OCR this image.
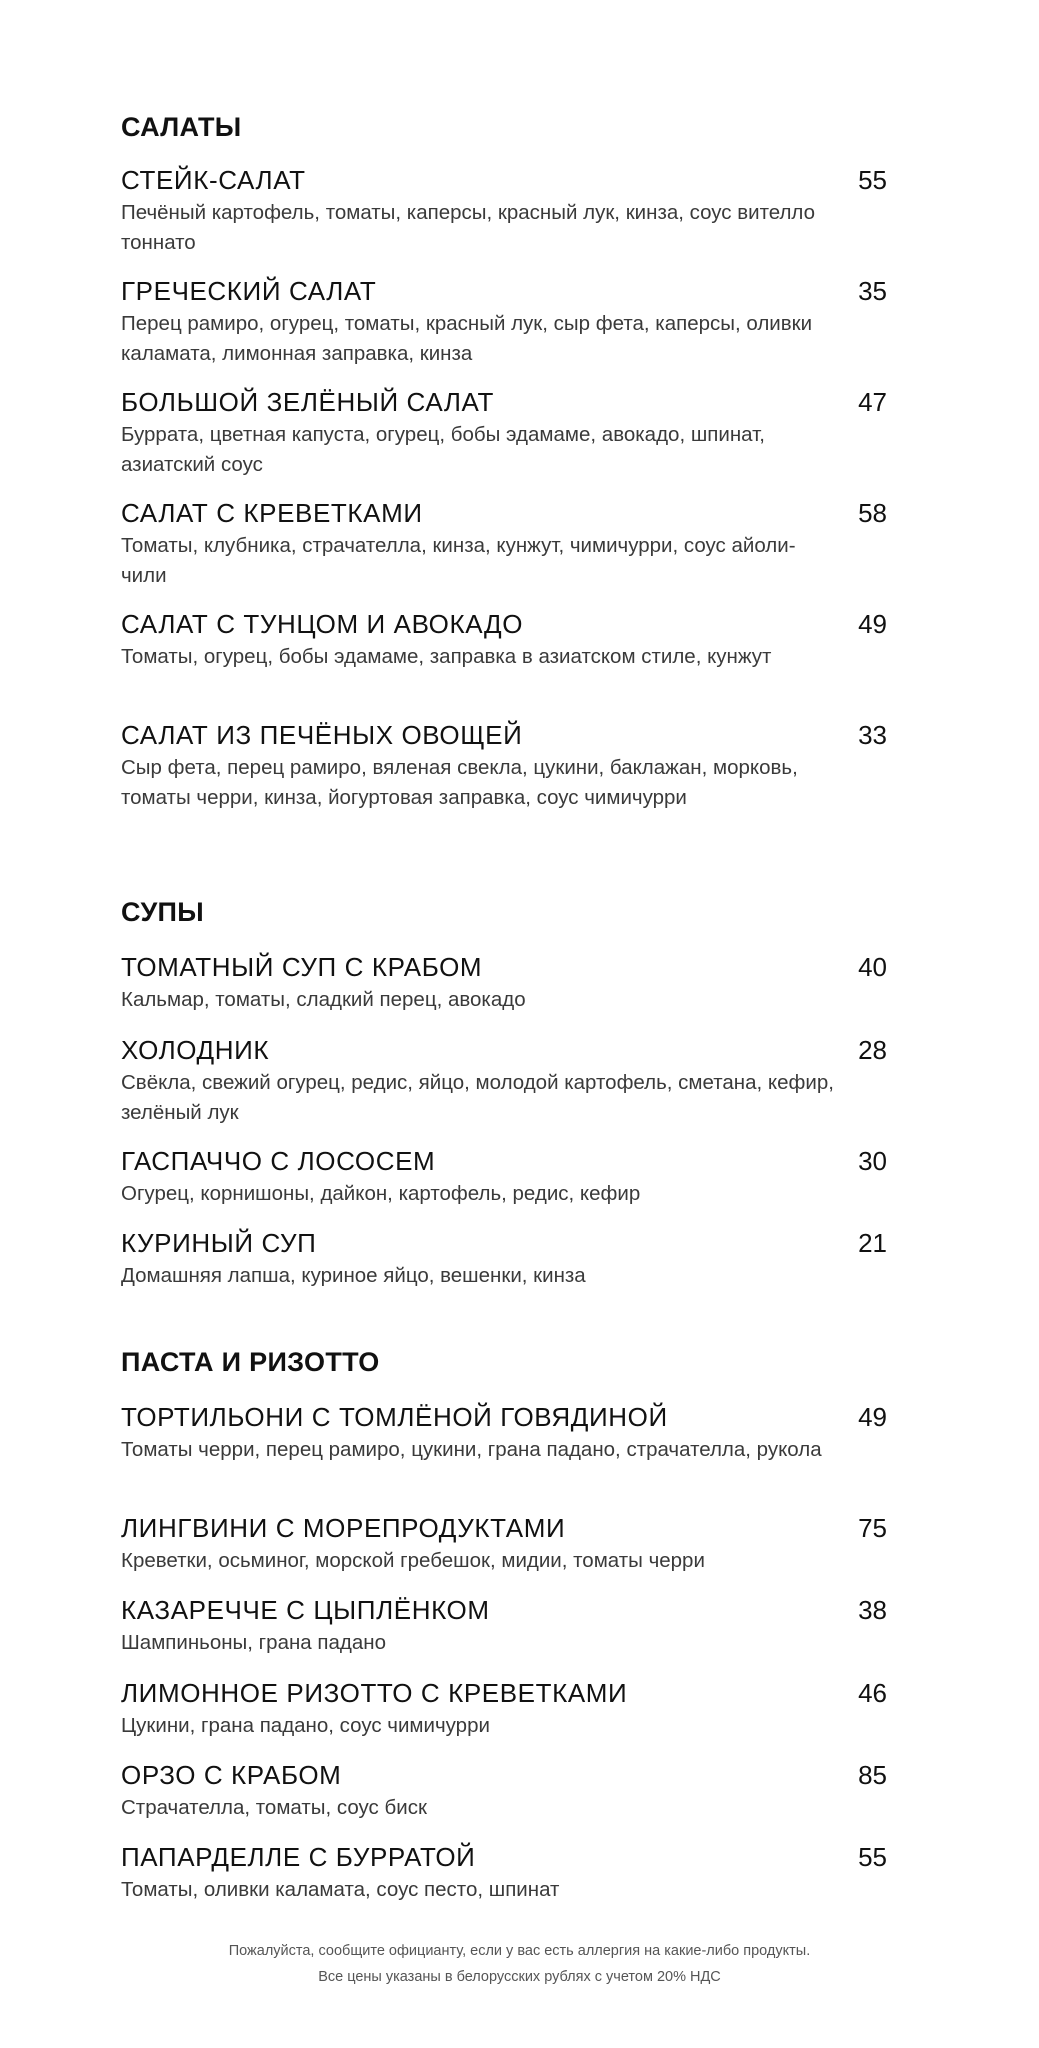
САЛАТЫ
СТЕЙК-САЛАТ	55
Печёный картофель, томаты, каперсы, красный лук, кинза, соус вителло тоннато
ГРЕЧЕСКИЙ САЛАТ	35
Перец рамиро, огурец, томаты, красный лук, сыр фета, каперсы, оливки каламата, лимонная заправка, кинза
БОЛЬШОЙ ЗЕЛЁНЫЙ САЛАТ	47
Буррата, цветная капуста, огурец, бобы эдамаме, авокадо, шпинат, азиатский соус
САЛАТ С КРЕВЕТКАМИ	58
Томаты, клубника, страчателла, кинза, кунжут, чимичурри, соус айоли-чили
САЛАТ С ТУНЦОМ И АВОКАДО	49
Томаты, огурец, бобы эдамаме, заправка в азиатском стиле, кунжут
САЛАТ ИЗ ПЕЧЁНЫХ ОВОЩЕЙ	33
Сыр фета, перец рамиро, вяленая свекла, цукини, баклажан, морковь, томаты черри, кинза, йогуртовая заправка, соус чимичурри
СУПЫ
ТОМАТНЫЙ СУП С КРАБОМ	40
Кальмар, томаты, сладкий перец, авокадо
ХОЛОДНИК	28
Свёкла, свежий огурец, редис, яйцо, молодой картофель, сметана, кефир, зелёный лук
ГАСПАЧЧО С ЛОСОСЕМ	30
Огурец, корнишоны, дайкон, картофель, редис, кефир
КУРИНЫЙ СУП	21
Домашняя лапша, куриное яйцо, вешенки, кинза
ПАСТА И РИЗОТТО
ТОРТИЛЬОНИ С ТОМЛЁНОЙ ГОВЯДИНОЙ	49
Томаты черри, перец рамиро, цукини, грана падано, страчателла, рукола
ЛИНГВИНИ С МОРЕПРОДУКТАМИ	75
Креветки, осьминог, морской гребешок, мидии, томаты черри
КАЗАРЕЧЧЕ С ЦЫПЛЁНКОМ	38
Шампиньоны, грана падано
ЛИМОННОЕ РИЗОТТО С КРЕВЕТКАМИ	46
Цукини, грана падано, соус чимичурри
ОРЗО С КРАБОМ	85
Страчателла, томаты, соус биск
ПАПАРДЕЛЛЕ С БУРРАТОЙ	55
Томаты, оливки каламата, соус песто, шпинат
Пожалуйста, сообщите официанту, если у вас есть аллергия на какие-либо продукты.
Все цены указаны в белорусских рублях с учетом 20% НДС
